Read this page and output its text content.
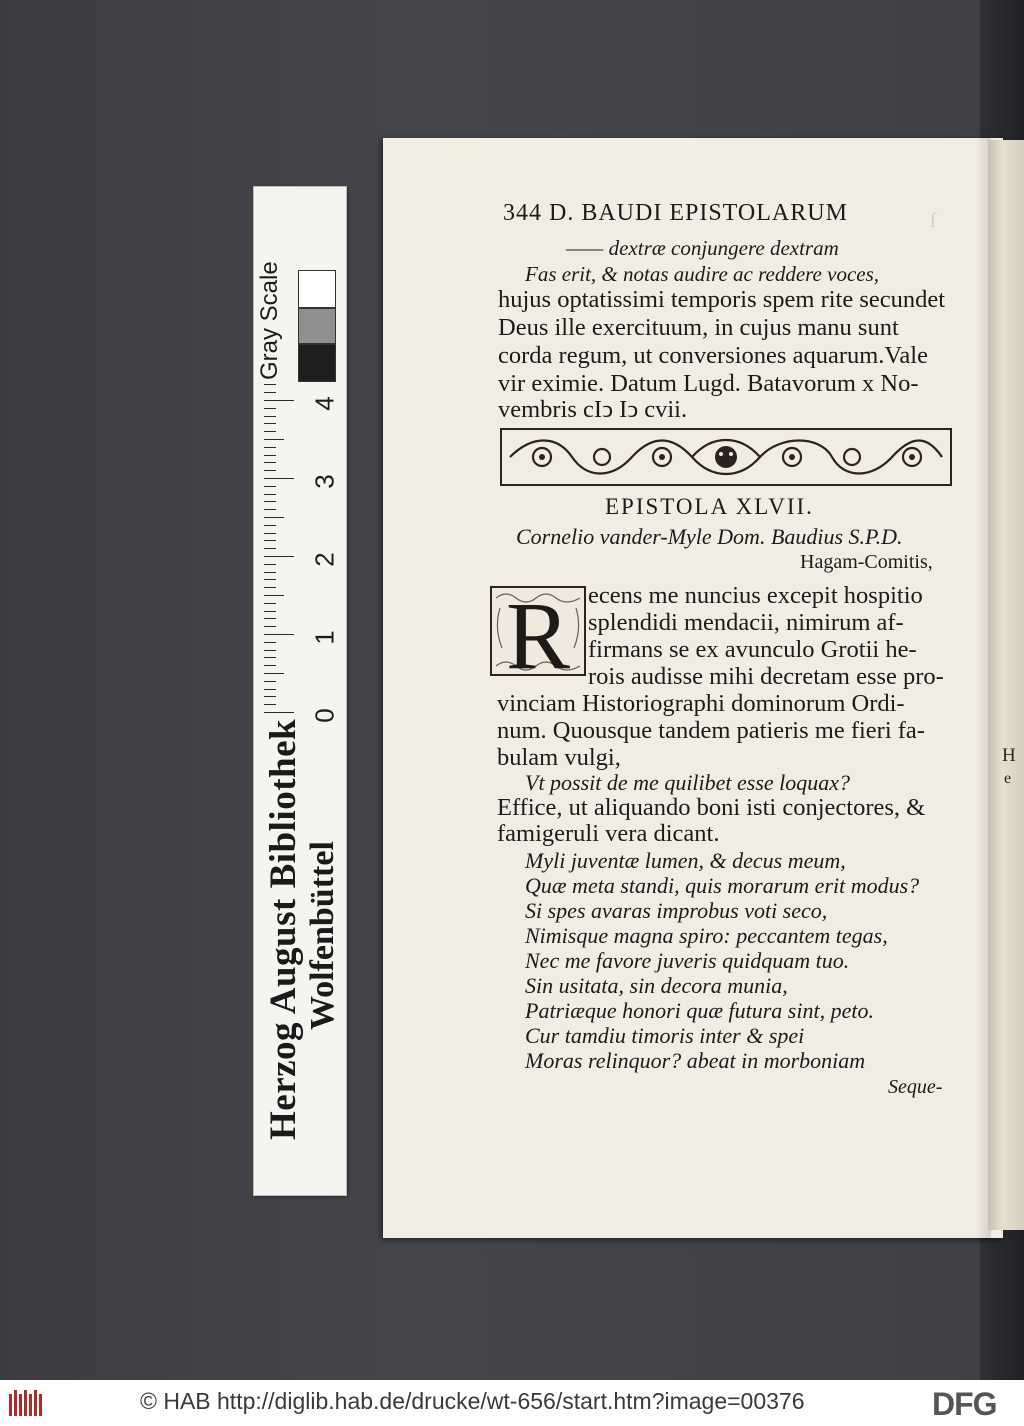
Herzog August Bibliothek Wolfenbüttel
Gray Scale
4
3
2
1
0
ſ
H
e
344 D. BAUDI EPISTOLARUM
—— dextræ conjungere dextram
Fas erit, & notas audire ac reddere voces,
hujus optatissimi temporis spem rite secundet
Deus ille exercituum, in cujus manu sunt
corda regum, ut conversiones aquarum.Vale
vir eximie. Datum Lugd. Batavorum x No-
vembris cIↄ Iↄ cvii.
EPISTOLA XLVII.
Cornelio vander-Myle Dom. Baudius S.P.D.
Hagam-Comitis,
R ecens me nuncius excepit hospitio
splendidi mendacii, nimirum af-
firmans se ex avunculo Grotii he-
rois audisse mihi decretam esse pro-
vinciam Historiographi dominorum Ordi-
num. Quousque tandem patieris me fieri fa-
bulam vulgi,
Vt possit de me quilibet esse loquax?
Effice, ut aliquando boni isti conjectores, &
famigeruli vera dicant.
Myli juventæ lumen, & decus meum,
Quæ meta standi, quis morarum erit modus?
Si spes avaras improbus voti seco,
Nimisque magna spiro: peccantem tegas,
Nec me favore juveris quidquam tuo.
Sin usitata, sin decora munia,
Patriæque honori quæ futura sint, peto.
Cur tamdiu timoris inter & spei
Moras relinquor? abeat in morboniam
Seque-
© HAB http://diglib.hab.de/drucke/wt-656/start.htm?image=00376	DFG
